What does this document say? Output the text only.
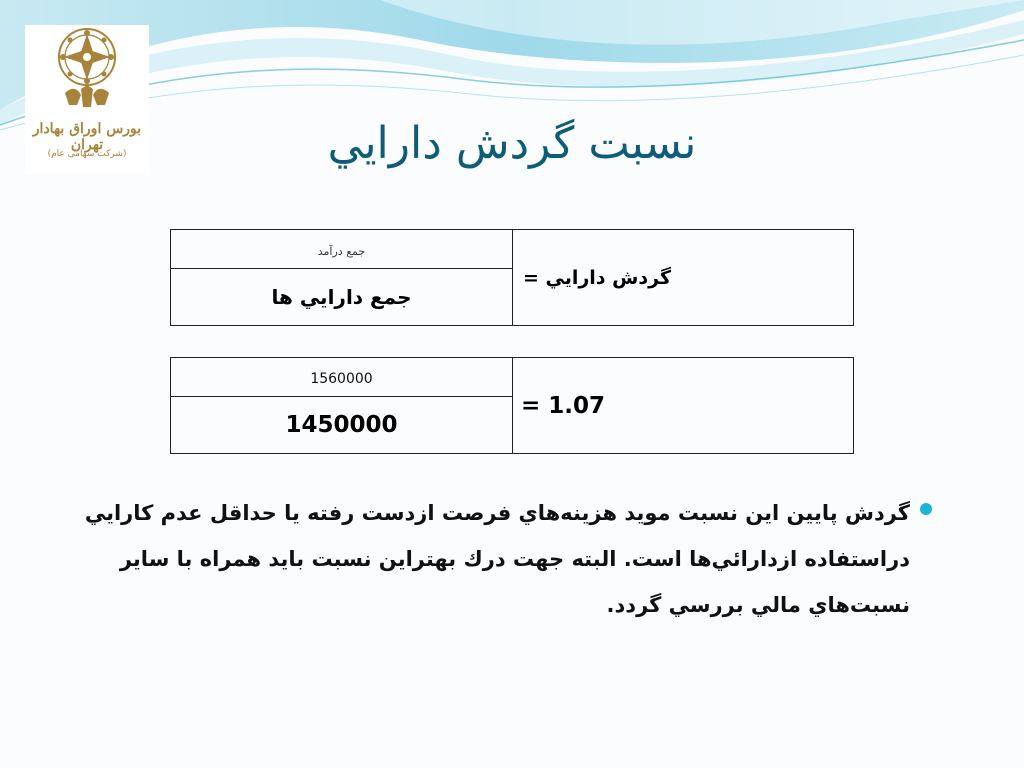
بورس اوراق بهادار تهران
(شرکت سهامی عام)	نسبت گردش دارايي
جمع درآمد	گردش دارايي =
جمع دارايي ها
1560000	= 1.07
1450000
گردش پايين اين نسبت مويد هزينه‌هاي فرصت ازدست رفته يا حداقل عدم كارايي دراستفاده ازدارائي‌ها است. البته جهت درك بهتراين نسبت بايد همراه با ساير نسبت‌هاي مالي بررسي گردد.
